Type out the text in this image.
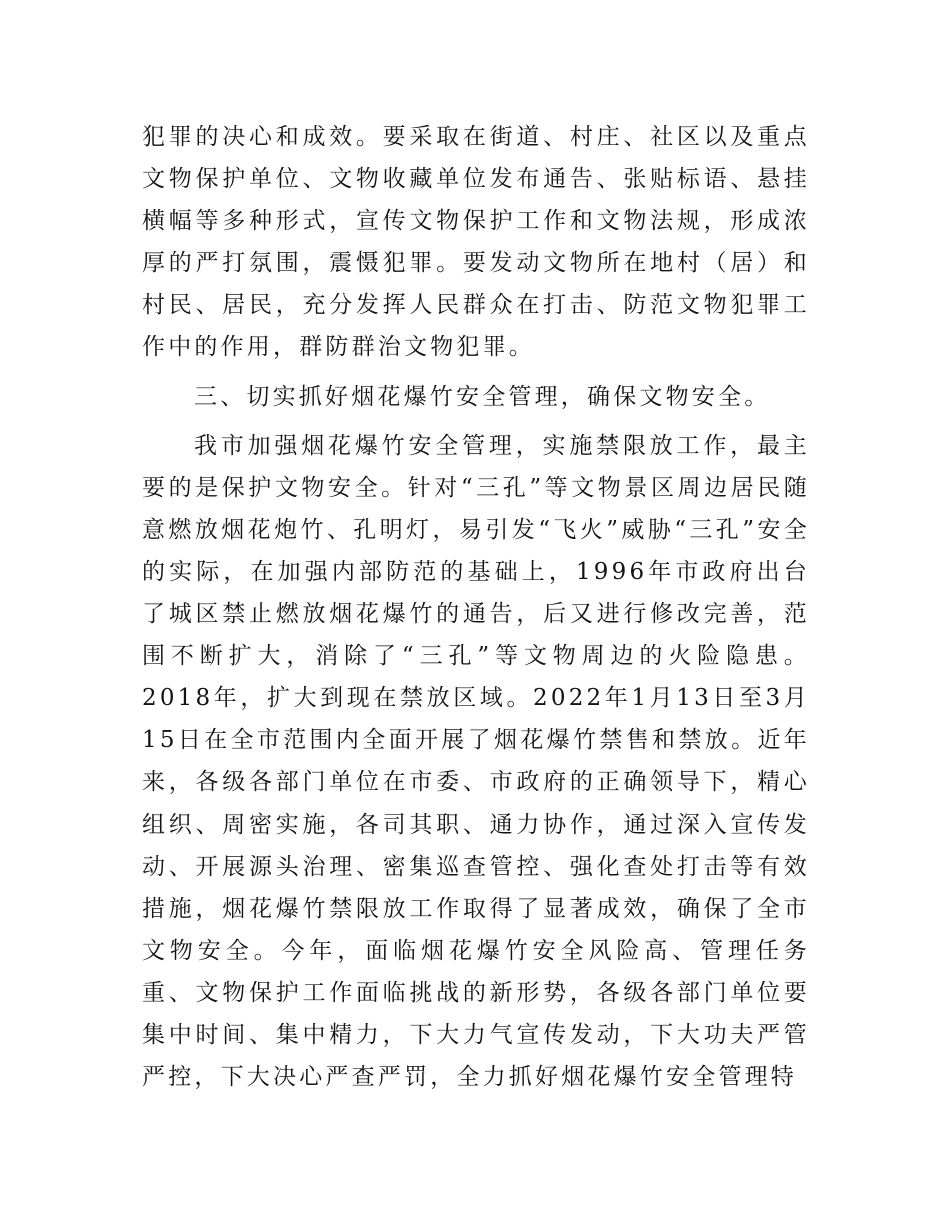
犯罪的决心和成效。要采取在街道、村庄、社区以及重点文物保护单位、文物收藏单位发布通告、张贴标语、悬挂横幅等多种形式，宣传文物保护工作和文物法规，形成浓厚的严打氛围，震慑犯罪。要发动文物所在地村（居）和村民、居民，充分发挥人民群众在打击、防范文物犯罪工作中的作用，群防群治文物犯罪。

三、切实抓好烟花爆竹安全管理，确保文物安全。

我市加强烟花爆竹安全管理，实施禁限放工作，最主要的是保护文物安全。针对“三孔”等文物景区周边居民随意燃放烟花炮竹、孔明灯，易引发“飞火”威胁“三孔”安全的实际，在加强内部防范的基础上，1996年市政府出台了城区禁止燃放烟花爆竹的通告，后又进行修改完善，范围不断扩大，消除了“三孔”等文物周边的火险隐患。2018年，扩大到现在禁放区域。2022年1月13日至3月15日在全市范围内全面开展了烟花爆竹禁售和禁放。近年来，各级各部门单位在市委、市政府的正确领导下，精心组织、周密实施，各司其职、通力协作，通过深入宣传发动、开展源头治理、密集巡查管控、强化查处打击等有效措施，烟花爆竹禁限放工作取得了显著成效，确保了全市文物安全。今年，面临烟花爆竹安全风险高、管理任务重、文物保护工作面临挑战的新形势，各级各部门单位要集中时间、集中精力，下大力气宣传发动，下大功夫严管严控，下大决心严查严罚，全力抓好烟花爆竹安全管理特
